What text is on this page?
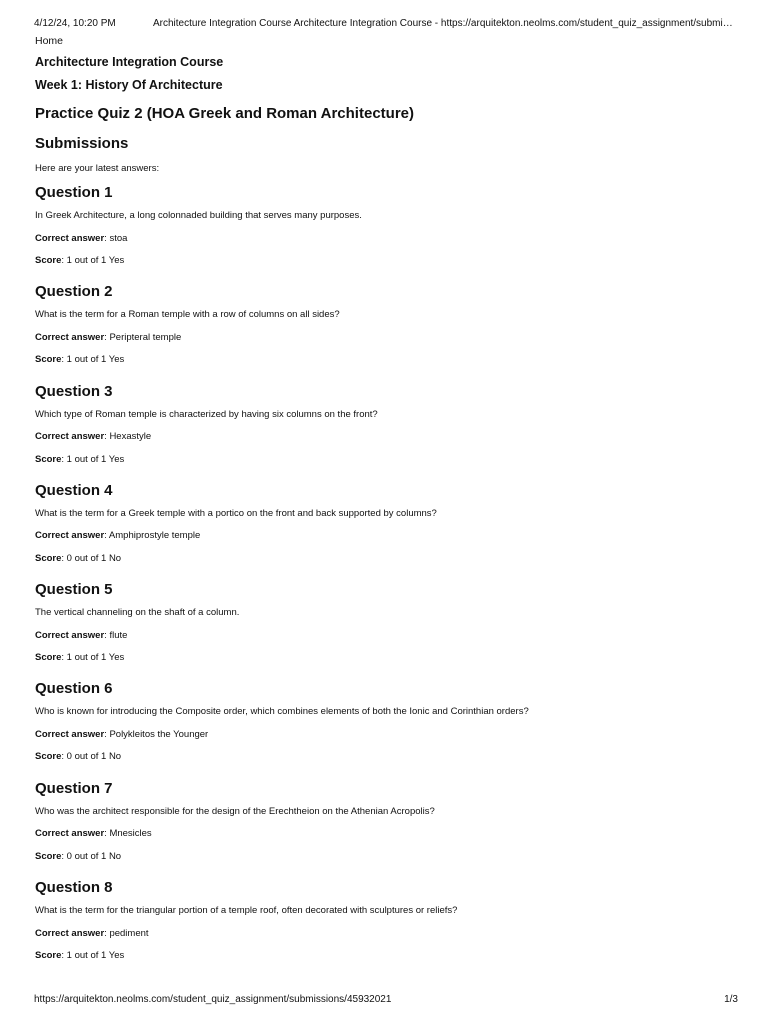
4/12/24, 10:20 PM	Architecture Integration Course Architecture Integration Course - https://arquitekton.neolms.com/student_quiz_assignment/submi…
Home
Architecture Integration Course
Week 1: History Of Architecture
Practice Quiz 2 (HOA Greek and Roman Architecture)
Submissions

Here are your latest answers:

Question 1

In Greek Architecture, a long colonnaded building that serves many purposes.

Correct answer: stoa

Score: 1 out of 1 Yes

Question 2

What is the term for a Roman temple with a row of columns on all sides?

Correct answer: Peripteral temple

Score: 1 out of 1 Yes

Question 3

Which type of Roman temple is characterized by having six columns on the front?

Correct answer: Hexastyle

Score: 1 out of 1 Yes

Question 4

What is the term for a Greek temple with a portico on the front and back supported by columns?

Correct answer: Amphiprostyle temple

Score: 0 out of 1 No

Question 5

The vertical channeling on the shaft of a column.

Correct answer: flute

Score: 1 out of 1 Yes

Question 6

Who is known for introducing the Composite order, which combines elements of both the Ionic and Corinthian orders?

Correct answer: Polykleitos the Younger

Score: 0 out of 1 No

Question 7

Who was the architect responsible for the design of the Erechtheion on the Athenian Acropolis?

Correct answer: Mnesicles

Score: 0 out of 1 No

Question 8

What is the term for the triangular portion of a temple roof, often decorated with sculptures or reliefs?

Correct answer: pediment

Score: 1 out of 1 Yes

https://arquitekton.neolms.com/student_quiz_assignment/submissions/45932021	1/3
